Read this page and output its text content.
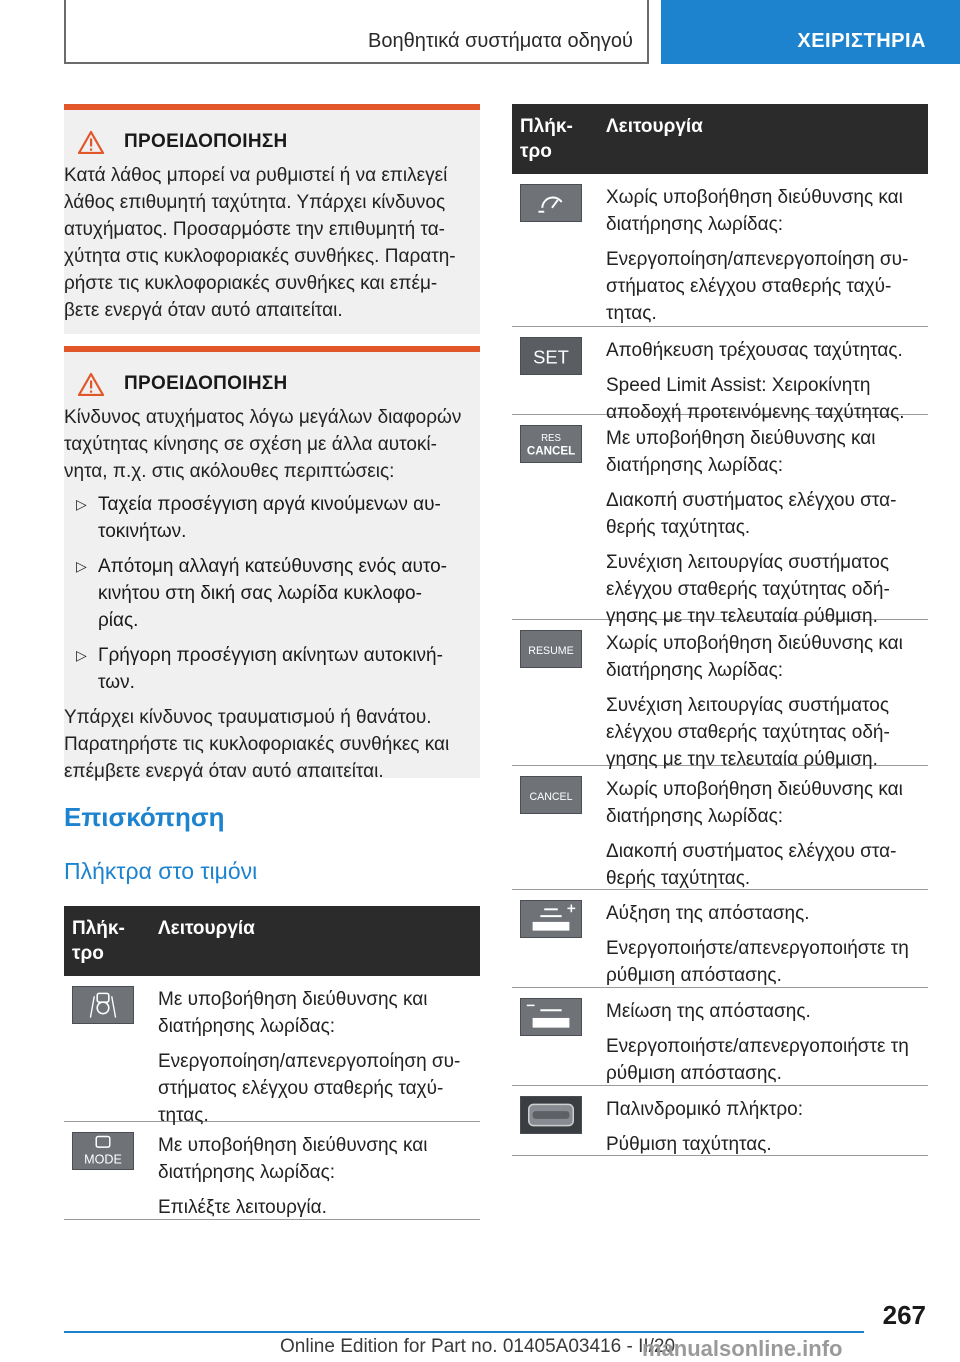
Βοηθητικά συστήματα οδηγού	ΧΕΙΡΙΣΤΗΡΙΑ
ΠΡΟΕΙΔΟΠΟΙΗΣΗ
Κατά λάθος μπορεί να ρυθμιστεί ή να επιλεγεί
λάθος επιθυμητή ταχύτητα. Υπάρχει κίνδυνος
ατυχήματος. Προσαρμόστε την επιθυμητή τα-
χύτητα στις κυκλοφοριακές συνθήκες. Παρατη-
ρήστε τις κυκλοφοριακές συνθήκες και επέμ-
βετε ενεργά όταν αυτό απαιτείται.
ΠΡΟΕΙΔΟΠΟΙΗΣΗ
Κίνδυνος ατυχήματος λόγω μεγάλων διαφορών
ταχύτητας κίνησης σε σχέση με άλλα αυτοκί-
νητα, π.χ. στις ακόλουθες περιπτώσεις:
▷ Ταχεία προσέγγιση αργά κινούμενων αυ-
τοκινήτων.
▷ Απότομη αλλαγή κατεύθυνσης ενός αυτο-
κινήτου στη δική σας λωρίδα κυκλοφο-
ρίας.
▷ Γρήγορη προσέγγιση ακίνητων αυτοκινή-
των.
Υπάρχει κίνδυνος τραυματισμού ή θανάτου.
Παρατηρήστε τις κυκλοφοριακές συνθήκες και
επέμβετε ενεργά όταν αυτό απαιτείται.
Επισκόπηση
Πλήκτρα στο τιμόνι
Πλήκ-
τρο
Λειτουργία

Με υποβοήθηση διεύθυνσης και
διατήρησης λωρίδας:

Ενεργοποίηση/απενεργοποίηση συ-
στήματος ελέγχου σταθερής ταχύ-
τητας.

MODE

Με υποβοήθηση διεύθυνσης και
διατήρησης λωρίδας:

Επιλέξτε λειτουργία.

Πλήκ-
τρο
Λειτουργία

Χωρίς υποβοήθηση διεύθυνσης και
διατήρησης λωρίδας:

Ενεργοποίηση/απενεργοποίηση συ-
στήματος ελέγχου σταθερής ταχύ-
τητας.

SET Αποθήκευση τρέχουσας ταχύτητας.

Speed Limit Assist: Χειροκίνητη
αποδοχή προτεινόμενης ταχύτητας.

RES
CANCEL

Με υποβοήθηση διεύθυνσης και
διατήρησης λωρίδας:

Διακοπή συστήματος ελέγχου στα-
θερής ταχύτητας.

Συνέχιση λειτουργίας συστήματος
ελέγχου σταθερής ταχύτητας οδή-
γησης με την τελευταία ρύθμιση.

RESUME Χωρίς υποβοήθηση διεύθυνσης και
διατήρησης λωρίδας:

Συνέχιση λειτουργίας συστήματος
ελέγχου σταθερής ταχύτητας οδή-
γησης με την τελευταία ρύθμιση.

CANCEL Χωρίς υποβοήθηση διεύθυνσης και
διατήρησης λωρίδας:

Διακοπή συστήματος ελέγχου στα-
θερής ταχύτητας.

Αύξηση της απόστασης.

Ενεργοποιήστε/απενεργοποιήστε τη
ρύθμιση απόστασης.

Μείωση της απόστασης.

Ενεργοποιήστε/απενεργοποιήστε τη
ρύθμιση απόστασης.

Παλινδρομικό πλήκτρο:

Ρύθμιση ταχύτητας.

267
Online Edition for Part no. 01405A03416 - II/20
manualsonline.info
